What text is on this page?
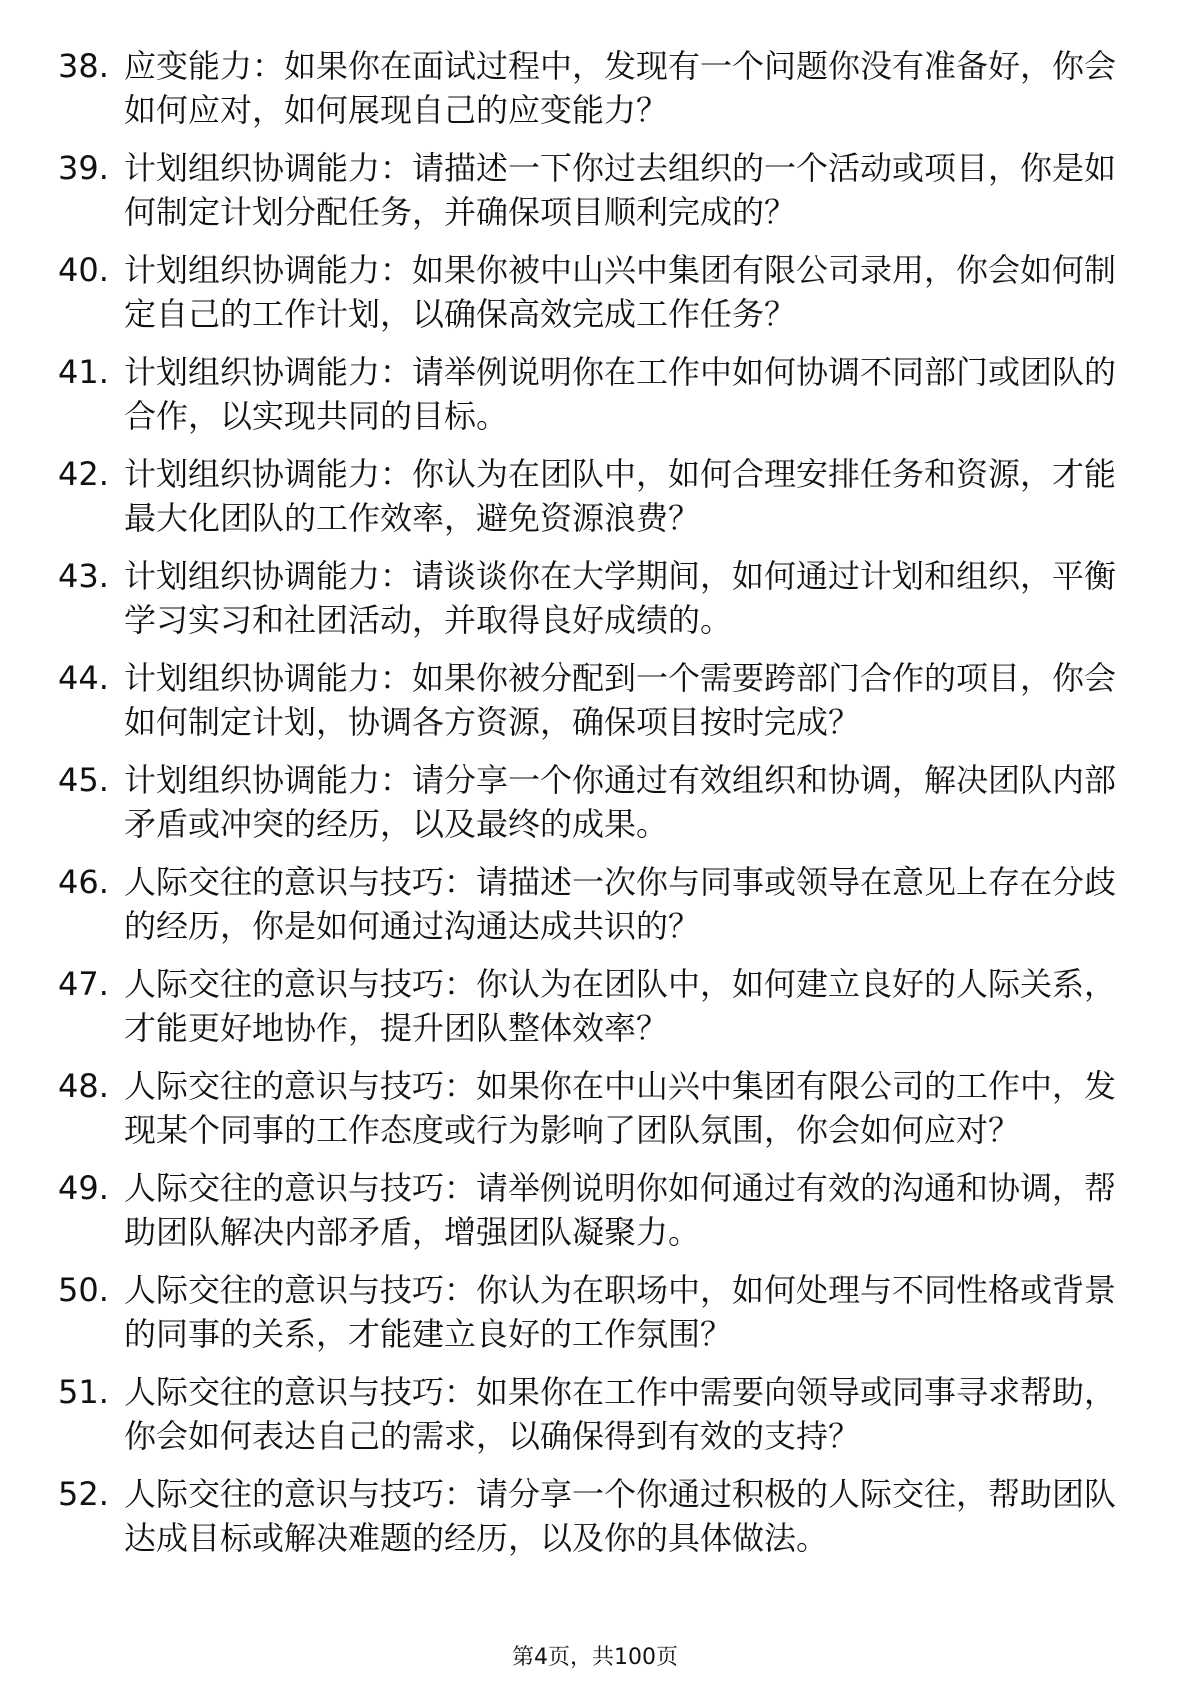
38. 应变能力：如果你在面试过程中，发现有一个问题你没有准备好，你会如何应对，如何展现自己的应变能力？
39. 计划组织协调能力：请描述一下你过去组织的一个活动或项目，你是如何制定计划分配任务，并确保项目顺利完成的？
40. 计划组织协调能力：如果你被中山兴中集团有限公司录用，你会如何制定自己的工作计划，以确保高效完成工作任务？
41. 计划组织协调能力：请举例说明你在工作中如何协调不同部门或团队的合作，以实现共同的目标。
42. 计划组织协调能力：你认为在团队中，如何合理安排任务和资源，才能最大化团队的工作效率，避免资源浪费？
43. 计划组织协调能力：请谈谈你在大学期间，如何通过计划和组织，平衡学习实习和社团活动，并取得良好成绩的。
44. 计划组织协调能力：如果你被分配到一个需要跨部门合作的项目，你会如何制定计划，协调各方资源，确保项目按时完成？
45. 计划组织协调能力：请分享一个你通过有效组织和协调，解决团队内部矛盾或冲突的经历，以及最终的成果。
46. 人际交往的意识与技巧：请描述一次你与同事或领导在意见上存在分歧的经历，你是如何通过沟通达成共识的？
47. 人际交往的意识与技巧：你认为在团队中，如何建立良好的人际关系，才能更好地协作，提升团队整体效率？
48. 人际交往的意识与技巧：如果你在中山兴中集团有限公司的工作中，发现某个同事的工作态度或行为影响了团队氛围，你会如何应对？
49. 人际交往的意识与技巧：请举例说明你如何通过有效的沟通和协调，帮助团队解决内部矛盾，增强团队凝聚力。
50. 人际交往的意识与技巧：你认为在职场中，如何处理与不同性格或背景的同事的关系，才能建立良好的工作氛围？
51. 人际交往的意识与技巧：如果你在工作中需要向领导或同事寻求帮助，你会如何表达自己的需求，以确保得到有效的支持？
52. 人际交往的意识与技巧：请分享一个你通过积极的人际交往，帮助团队达成目标或解决难题的经历，以及你的具体做法。
第4页，共100页
